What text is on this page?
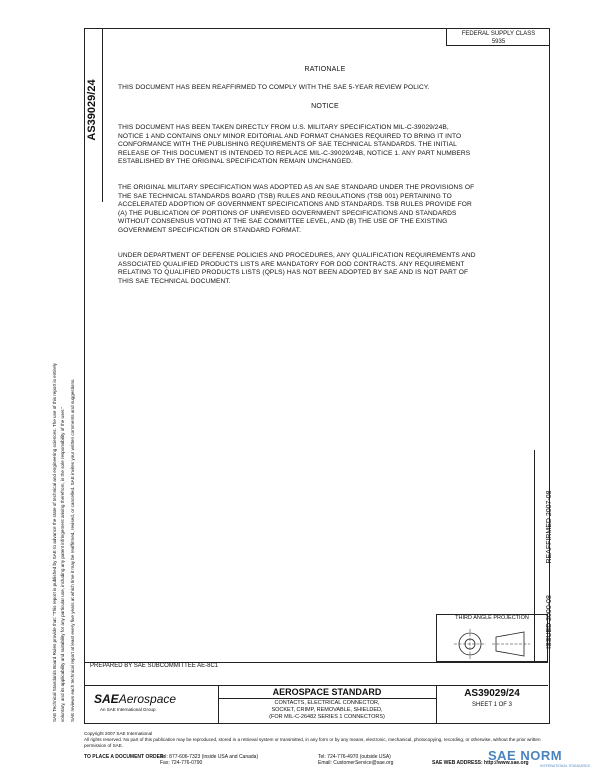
AS39029/24
FEDERAL SUPPLY CLASS
5935
RATIONALE
THIS DOCUMENT HAS BEEN REAFFIRMED TO COMPLY WITH THE SAE 5-YEAR REVIEW POLICY.
NOTICE
THIS DOCUMENT HAS BEEN TAKEN DIRECTLY FROM U.S. MILITARY SPECIFICATION MIL-C-39029/24B,
NOTICE 1 AND CONTAINS ONLY MINOR EDITORIAL AND FORMAT CHANGES REQUIRED TO BRING IT INTO
CONFORMANCE WITH THE PUBLISHING REQUIREMENTS OF SAE TECHNICAL STANDARDS. THE INITIAL
RELEASE OF THIS DOCUMENT IS INTENDED TO REPLACE MIL-C-39029/24B, NOTICE 1. ANY PART NUMBERS
ESTABLISHED BY THE ORIGINAL SPECIFICATION REMAIN UNCHANGED.
THE ORIGINAL MILITARY SPECIFICATION WAS ADOPTED AS AN SAE STANDARD UNDER THE PROVISIONS OF
THE SAE TECHNICAL STANDARDS BOARD (TSB) RULES AND REGULATIONS (TSB 001) PERTAINING TO
ACCELERATED ADOPTION OF GOVERNMENT SPECIFICATIONS AND STANDARDS. TSB RULES PROVIDE FOR
(A) THE PUBLICATION OF PORTIONS OF UNREVISED GOVERNMENT SPECIFICATIONS AND STANDARDS
WITHOUT CONSENSUS VOTING AT THE SAE COMMITTEE LEVEL, AND (B) THE USE OF THE EXISTING
GOVERNMENT SPECIFICATION OR STANDARD FORMAT.
UNDER DEPARTMENT OF DEFENSE POLICIES AND PROCEDURES, ANY QUALIFICATION REQUIREMENTS AND
ASSOCIATED QUALIFIED PRODUCTS LISTS ARE MANDATORY FOR DOD CONTRACTS. ANY REQUIREMENT
RELATING TO QUALIFIED PRODUCTS LISTS (QPLS) HAS NOT BEEN ADOPTED BY SAE AND IS NOT PART OF
THIS SAE TECHNICAL DOCUMENT.
REAFFIRMED 2007-08
ISSUED 2000-08
THIRD ANGLE PROJECTION
PREPARED BY SAE SUBCOMMITTEE AE-8C1
SAEAerospace
An SAE International Group
AEROSPACE STANDARD
CONTACTS, ELECTRICAL CONNECTOR,
SOCKET, CRIMP, REMOVABLE, SHIELDED,
(FOR MIL-C-26482 SERIES 1 CONNECTORS)
AS39029/24
SHEET 1 OF 3
Copyright 2007 SAE International
All rights reserved. No part of this publication may be reproduced, stored in a retrieval system or transmitted, in any form or by any means, electronic, mechanical, photocopying, recording, or otherwise, without the prior written permission of SAE.
TO PLACE A DOCUMENT ORDER:
Tel: 877-606-7323 (inside USA and Canada)
Fax: 724-776-0790
Tel: 724-776-4970 (outside USA)
Email: CustomerService@sae.org	SAE WEB ADDRESS: http://www.sae.org
SAE Technical Standards Board Rules provide that: "This report is published by SAE to advance the state of technical and engineering sciences. The use of this report is entirely voluntary, and its applicability and suitability for any particular use, including any patent infringement arising therefrom, is the sole responsibility of the user." SAE reviews each technical report at least every five years at which time it may be reaffirmed, revised, or cancelled. SAE invites your written comments and suggestions.
SAE NORM
INTERNATIONAL STANDARDS
